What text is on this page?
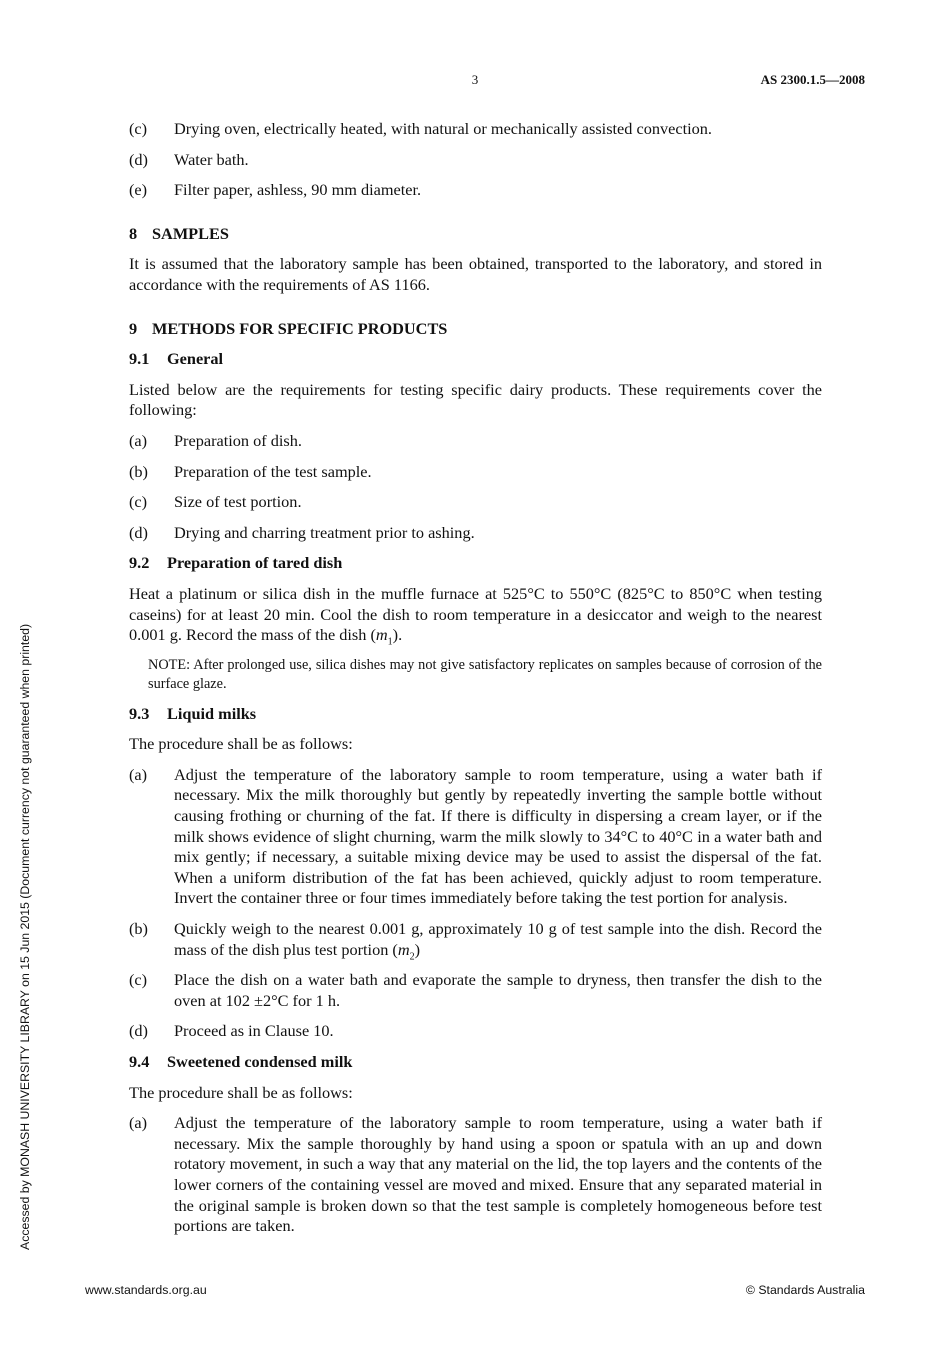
3	AS 2300.1.5—2008
Accessed by MONASH UNIVERSITY LIBRARY on 15 Jun 2015 (Document currency not guaranteed when printed)
(c)	Drying oven, electrically heated, with natural or mechanically assisted convection.
(d)	Water bath.
(e)	Filter paper, ashless, 90 mm diameter.
8 SAMPLES
It is assumed that the laboratory sample has been obtained, transported to the laboratory, and stored in accordance with the requirements of AS 1166.
9 METHODS FOR SPECIFIC PRODUCTS
9.1 General
Listed below are the requirements for testing specific dairy products. These requirements cover the following:
(a)	Preparation of dish.
(b)	Preparation of the test sample.
(c)	Size of test portion.
(d)	Drying and charring treatment prior to ashing.
9.2 Preparation of tared dish
Heat a platinum or silica dish in the muffle furnace at 525°C to 550°C (825°C to 850°C when testing caseins) for at least 20 min. Cool the dish to room temperature in a desiccator and weigh to the nearest 0.001 g. Record the mass of the dish $(m_1)$.
NOTE: After prolonged use, silica dishes may not give satisfactory replicates on samples because of corrosion of the surface glaze.
9.3 Liquid milks
The procedure shall be as follows:
(a)	Adjust the temperature of the laboratory sample to room temperature, using a water bath if necessary. Mix the milk thoroughly but gently by repeatedly inverting the sample bottle without causing frothing or churning of the fat. If there is difficulty in dispersing a cream layer, or if the milk shows evidence of slight churning, warm the milk slowly to 34°C to 40°C in a water bath and mix gently; if necessary, a suitable mixing device may be used to assist the dispersal of the fat. When a uniform distribution of the fat has been achieved, quickly adjust to room temperature. Invert the container three or four times immediately before taking the test portion for analysis.
(b)	Quickly weigh to the nearest 0.001 g, approximately 10 g of test sample into the dish. Record the mass of the dish plus test portion $(m_2)$
(c)	Place the dish on a water bath and evaporate the sample to dryness, then transfer the dish to the oven at 102 ±2°C for 1 h.
(d)	Proceed as in Clause 10.
9.4 Sweetened condensed milk
The procedure shall be as follows:
(a)	Adjust the temperature of the laboratory sample to room temperature, using a water bath if necessary. Mix the sample thoroughly by hand using a spoon or spatula with an up and down rotatory movement, in such a way that any material on the lid, the top layers and the contents of the lower corners of the containing vessel are moved and mixed. Ensure that any separated material in the original sample is broken down so that the test sample is completely homogeneous before test portions are taken.
www.standards.org.au	© Standards Australia
